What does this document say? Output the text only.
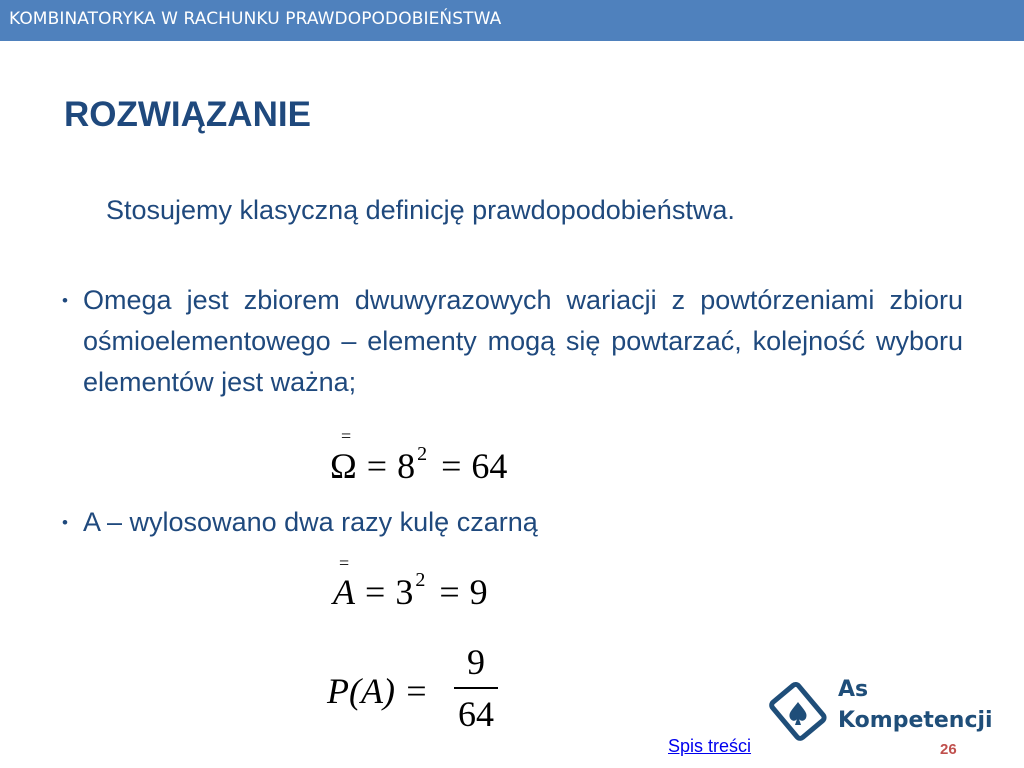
KOMBINATORYKA W RACHUNKU PRAWDOPODOBIEŃSTWA
ROZWIĄZANIE
Stosujemy klasyczną definicję prawdopodobieństwa.
• Omega jest zbiorem dwuwyrazowych wariacji z powtórzeniami zbioru ośmioelementowego – elementy mogą się powtarzać, kolejność wyboru elementów jest ważna;
=
Ω = 8 $^2$ = 64
• A – wylosowano dwa razy kulę czarną
=
A = 3 $^2$ = 9
P(A) =
9
64
As
Kompetencji
Spis treści	26
